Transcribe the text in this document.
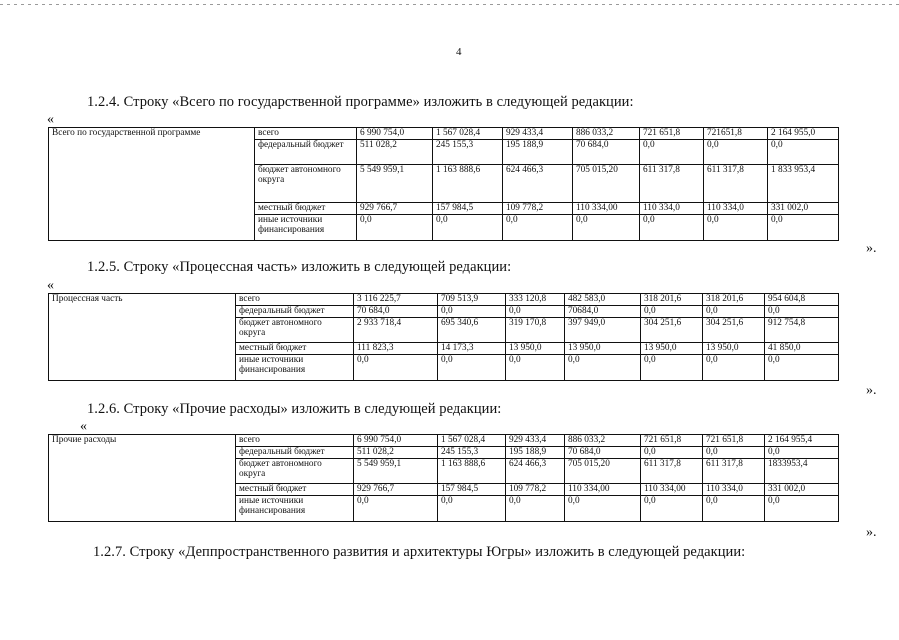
4
1.2.4. Строку «Всего по государственной программе» изложить в следующей редакции:
«
Всего по государственной программе	всего	6 990 754,0	1 567 028,4	929 433,4	886 033,2	721 651,8	721651,8	2 164 955,0
	федеральный бюджет	511 028,2	245 155,3	195 188,9	70 684,0	0,0	0,0	0,0
	бюджет автономного округа	5 549 959,1	1 163 888,6	624 466,3	705 015,20	611 317,8	611 317,8	1 833 953,4
	местный бюджет	929 766,7	157 984,5	109 778,2	110 334,00	110 334,0	110 334,0	331 002,0
	иные источники финансирования	0,0	0,0	0,0	0,0	0,0	0,0	0,0
».
1.2.5. Строку «Процессная часть» изложить в следующей редакции:
«
Процессная часть	всего	3 116 225,7	709 513,9	333 120,8	482 583,0	318 201,6	318 201,6	954 604,8
	федеральный бюджет	70 684,0	0,0	0,0	70684,0	0,0	0,0	0,0
	бюджет автономного округа	2 933 718,4	695 340,6	319 170,8	397 949,0	304 251,6	304 251,6	912 754,8
	местный бюджет	111 823,3	14 173,3	13 950,0	13 950,0	13 950,0	13 950,0	41 850,0
	иные источники финансирования	0,0	0,0	0,0	0,0	0,0	0,0	0,0
».
1.2.6. Строку «Прочие расходы» изложить в следующей редакции:
«
Прочие расходы	всего	6 990 754,0	1 567 028,4	929 433,4	886 033,2	721 651,8	721 651,8	2 164 955,4
	федеральный бюджет	511 028,2	245 155,3	195 188,9	70 684,0	0,0	0,0	0,0
	бюджет автономного округа	5 549 959,1	1 163 888,6	624 466,3	705 015,20	611 317,8	611 317,8	1833953,4
	местный бюджет	929 766,7	157 984,5	109 778,2	110 334,00	110 334,00	110 334,0	331 002,0
	иные источники финансирования	0,0	0,0	0,0	0,0	0,0	0,0	0,0
».
1.2.7. Строку «Деппространственного развития и архитектуры Югры» изложить в следующей редакции:
